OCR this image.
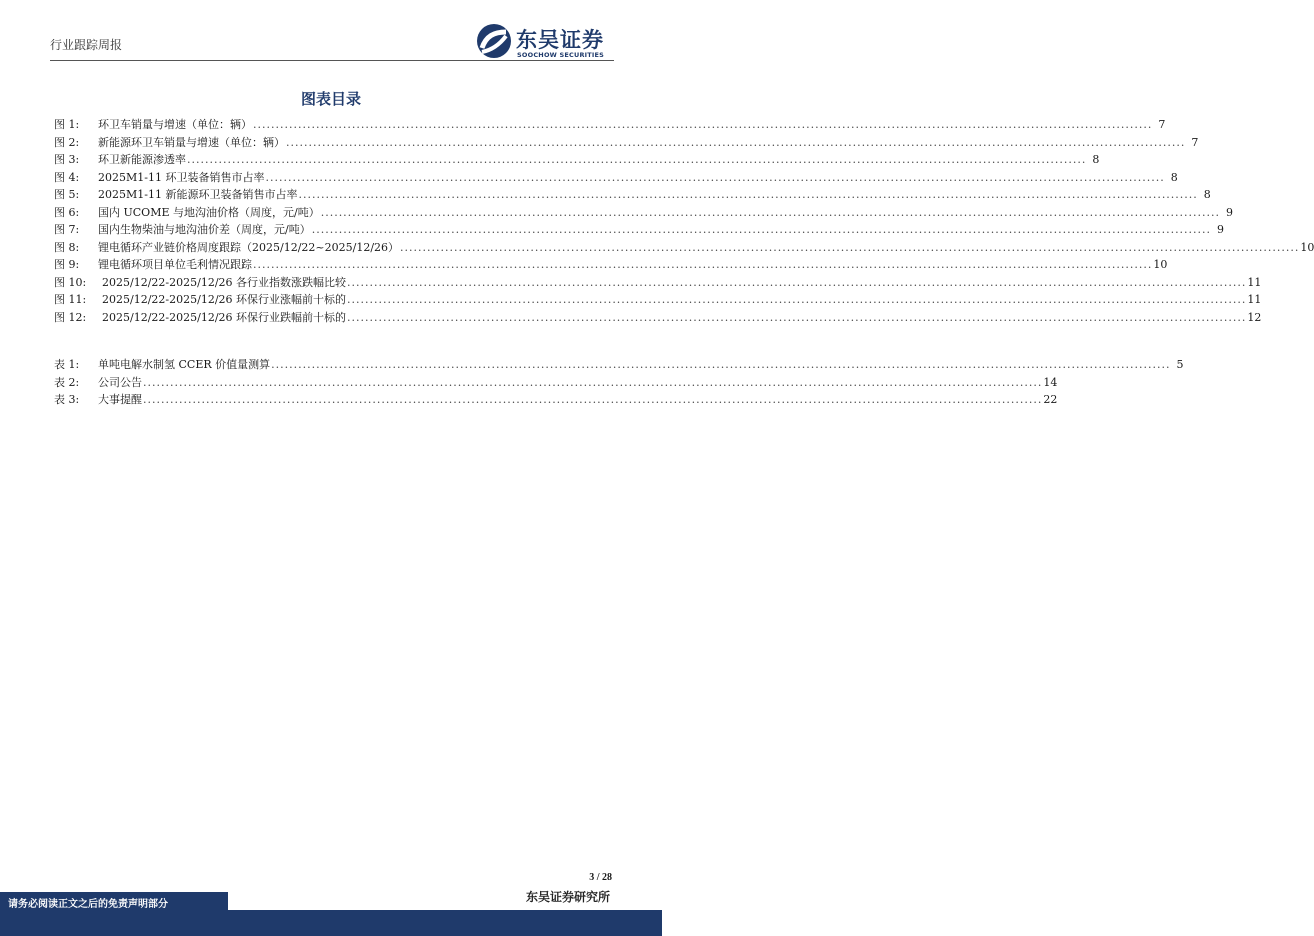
行业跟踪周报	东吴证券
SOOCHOW SECURITIES
图表目录
图 1:	环卫车销量与增速（单位：辆） ........................................................................................................................................................................................................ 7
图 2:	新能源环卫车销量与增速（单位：辆） ........................................................................................................................................................................................................ 7
图 3:	环卫新能源渗透率 ........................................................................................................................................................................................................ 8
图 4:	2025M1-11 环卫装备销售市占率 ........................................................................................................................................................................................................ 8
图 5:	2025M1-11 新能源环卫装备销售市占率 ........................................................................................................................................................................................................ 8
图 6:	国内 UCOME 与地沟油价格（周度，元/吨） ........................................................................................................................................................................................................ 9
图 7:	国内生物柴油与地沟油价差（周度，元/吨） ........................................................................................................................................................................................................ 9
图 8:	锂电循环产业链价格周度跟踪（2025/12/22~2025/12/26） ........................................................................................................................................................................................................ 10
图 9:	锂电循环项目单位毛利情况跟踪 ........................................................................................................................................................................................................ 10
图 10:	2025/12/22-2025/12/26 各行业指数涨跌幅比较 ........................................................................................................................................................................................................ 11
图 11:	2025/12/22-2025/12/26 环保行业涨幅前十标的 ........................................................................................................................................................................................................ 11
图 12:	2025/12/22-2025/12/26 环保行业跌幅前十标的 ........................................................................................................................................................................................................ 12
表 1:	单吨电解水制氢 CCER 价值量测算 ........................................................................................................................................................................................................ 5
表 2:	公司公告 ........................................................................................................................................................................................................ 14
表 3:	大事提醒 ........................................................................................................................................................................................................ 22
3 / 28
请务必阅读正文之后的免责声明部分
东吴证券研究所
